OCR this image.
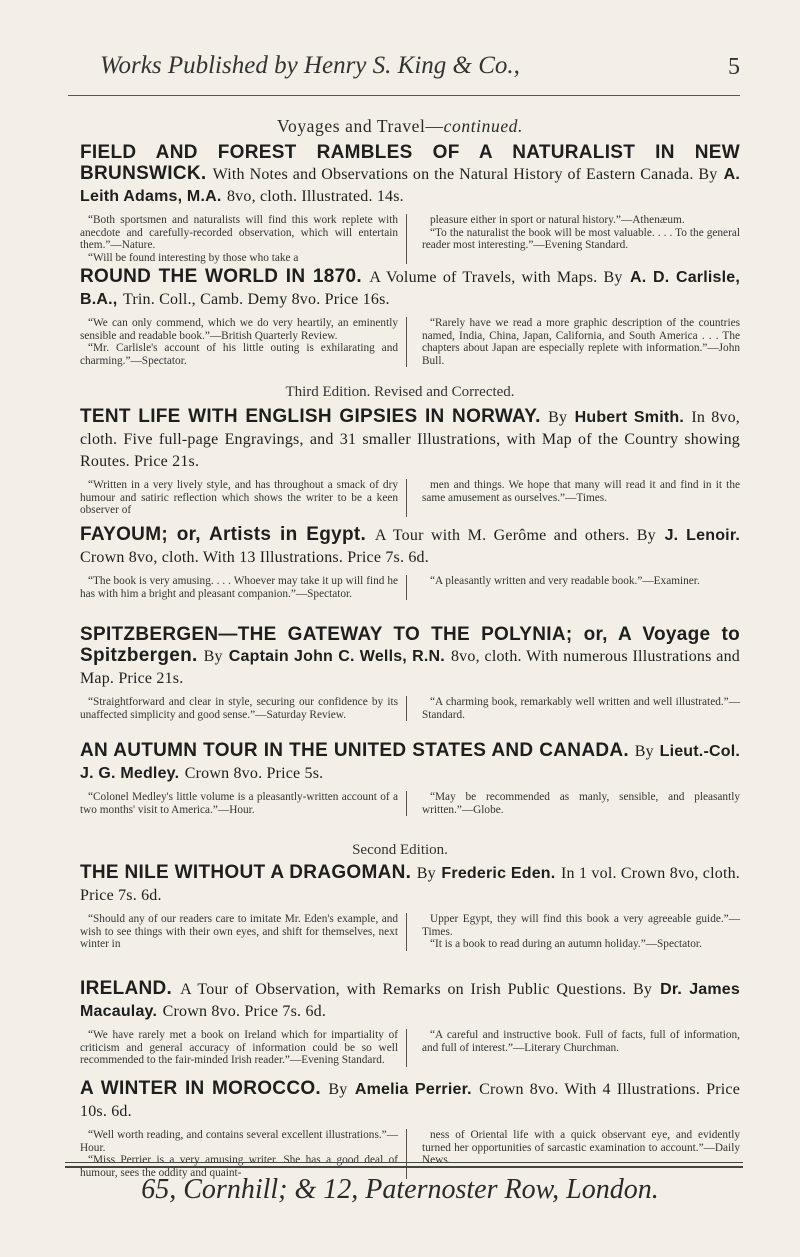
Works Published by Henry S. King & Co.,	5
Voyages and Travel—continued.
FIELD AND FOREST RAMBLES OF A NATURALIST IN NEW BRUNSWICK. With Notes and Observations on the Natural History of Eastern Canada. By A. Leith Adams, M.A. 8vo, cloth. Illustrated. 14s.
“Both sportsmen and naturalists will find this work replete with anecdote and carefully-recorded observation, which will entertain them.”—Nature.
“Will be found interesting by those who take a
pleasure either in sport or natural history.”—Athenæum.
“To the naturalist the book will be most valuable. . . . To the general reader most interesting.”—Evening Standard.
ROUND THE WORLD IN 1870. A Volume of Travels, with Maps. By A. D. Carlisle, B.A., Trin. Coll., Camb. Demy 8vo. Price 16s.
“We can only commend, which we do very heartily, an eminently sensible and readable book.”—British Quarterly Review.
“Mr. Carlisle's account of his little outing is exhilarating and charming.”—Spectator.
“Rarely have we read a more graphic description of the countries named, India, China, Japan, California, and South America . . . The chapters about Japan are especially replete with information.”—John Bull.
Third Edition. Revised and Corrected.
TENT LIFE WITH ENGLISH GIPSIES IN NORWAY. By Hubert Smith. In 8vo, cloth. Five full-page Engravings, and 31 smaller Illustrations, with Map of the Country showing Routes. Price 21s.
“Written in a very lively style, and has throughout a smack of dry humour and satiric reflection which shows the writer to be a keen observer of
men and things. We hope that many will read it and find in it the same amusement as ourselves.”—Times.
FAYOUM; or, Artists in Egypt. A Tour with M. Gerôme and others. By J. Lenoir. Crown 8vo, cloth. With 13 Illustrations. Price 7s. 6d.
“The book is very amusing. . . . Whoever may take it up will find he has with him a bright and pleasant companion.”—Spectator.
“A pleasantly written and very readable book.”—Examiner.
SPITZBERGEN—THE GATEWAY TO THE POLYNIA; or, A Voyage to Spitzbergen. By Captain John C. Wells, R.N. 8vo, cloth. With numerous Illustrations and Map. Price 21s.
“Straightforward and clear in style, securing our confidence by its unaffected simplicity and good sense.”—Saturday Review.
“A charming book, remarkably well written and well illustrated.”—Standard.
AN AUTUMN TOUR IN THE UNITED STATES AND CANADA. By Lieut.-Col. J. G. Medley. Crown 8vo. Price 5s.
“Colonel Medley's little volume is a pleasantly-written account of a two months' visit to America.”—Hour.
“May be recommended as manly, sensible, and pleasantly written.”—Globe.
Second Edition.
THE NILE WITHOUT A DRAGOMAN. By Frederic Eden. In 1 vol. Crown 8vo, cloth. Price 7s. 6d.
“Should any of our readers care to imitate Mr. Eden's example, and wish to see things with their own eyes, and shift for themselves, next winter in
Upper Egypt, they will find this book a very agreeable guide.”—Times.
“It is a book to read during an autumn holiday.”—Spectator.
IRELAND. A Tour of Observation, with Remarks on Irish Public Questions. By Dr. James Macaulay. Crown 8vo. Price 7s. 6d.
“We have rarely met a book on Ireland which for impartiality of criticism and general accuracy of information could be so well recommended to the fair-minded Irish reader.”—Evening Standard.
“A careful and instructive book. Full of facts, full of information, and full of interest.”—Literary Churchman.
A WINTER IN MOROCCO. By Amelia Perrier. Crown 8vo. With 4 Illustrations. Price 10s. 6d.
“Well worth reading, and contains several excellent illustrations.”—Hour.
“Miss Perrier is a very amusing writer. She has a good deal of humour, sees the oddity and quaint-
ness of Oriental life with a quick observant eye, and evidently turned her opportunities of sarcastic examination to account.”—Daily News.
65, Cornhill; & 12, Paternoster Row, London.
